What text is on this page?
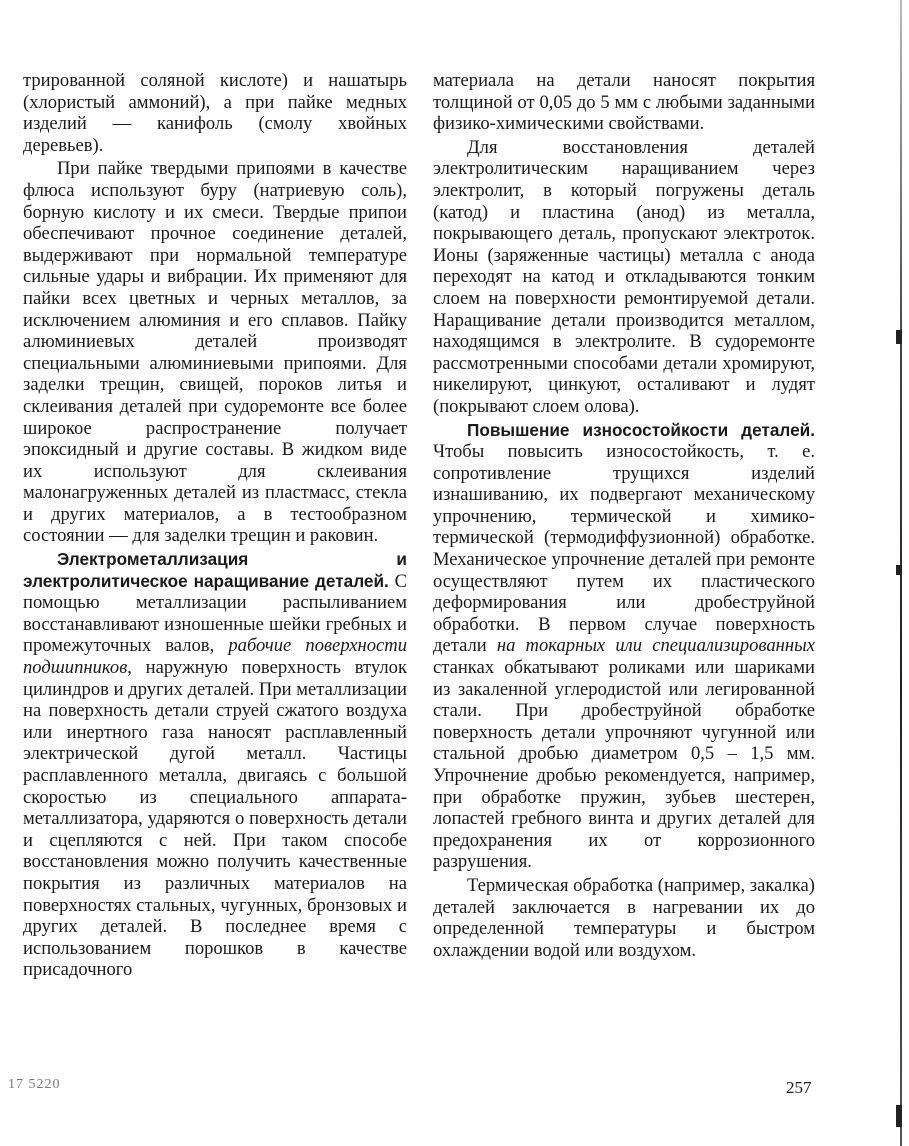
трированной соляной кислоте) и нашатырь (хлористый аммоний), а при пайке медных изделий — канифоль (смолу хвойных деревьев).

При пайке твердыми припоями в качестве флюса используют буру (натриевую соль), борную кислоту и их смеси. Твердые припои обеспечивают прочное соединение деталей, выдерживают при нормальной температуре сильные удары и вибрации. Их применяют для пайки всех цветных и черных металлов, за исключением алюминия и его сплавов. Пайку алюминиевых деталей производят специальными алюминиевыми припоями. Для заделки трещин, свищей, пороков литья и склеивания деталей при судоремонте все более широкое распространение получает эпоксидный и другие составы. В жидком виде их используют для склеивания малонагруженных деталей из пластмасс, стекла и других материалов, а в тестообразном состоянии — для заделки трещин и раковин.

Электрометаллизация и электролитическое наращивание деталей. С помощью металлизации распыливанием восстанавливают изношенные шейки гребных и промежуточных валов, рабочие поверхности подшипников, наружную поверхность втулок цилиндров и других деталей. При металлизации на поверхность детали струей сжатого воздуха или инертного газа наносят расплавленный электрической дугой металл. Частицы расплавленного металла, двигаясь с большой скоростью из специального аппарата-металлизатора, ударяются о поверхность детали и сцепляются с ней. При таком способе восстановления можно получить качественные покрытия из различных материалов на поверхностях стальных, чугунных, бронзовых и других деталей. В последнее время с использованием порошков в качестве присадочного

материала на детали наносят покрытия толщиной от 0,05 до 5 мм с любыми заданными физико-химическими свойствами.

Для восстановления деталей электролитическим наращиванием через электролит, в который погружены деталь (катод) и пластина (анод) из металла, покрывающего деталь, пропускают электроток. Ионы (заряженные частицы) металла с анода переходят на катод и откладываются тонким слоем на поверхности ремонтируемой детали. Наращивание детали производится металлом, находящимся в электролите. В судоремонте рассмотренными способами детали хромируют, никелируют, цинкуют, осталивают и лудят (покрывают слоем олова).

Повышение износостойкости деталей. Чтобы повысить износостойкость, т. е. сопротивление трущихся изделий изнашиванию, их подвергают механическому упрочнению, термической и химико-термической (термодиффузионной) обработке. Механическое упрочнение деталей при ремонте осуществляют путем их пластического деформирования или дробеструйной обработки. В первом случае поверхность детали на токарных или специализированных станках обкатывают роликами или шариками из закаленной углеродистой или легированной стали. При дробеструйной обработке поверхность детали упрочняют чугунной или стальной дробью диаметром 0,5 – 1,5 мм. Упрочнение дробью рекомендуется, например, при обработке пружин, зубьев шестерен, лопастей гребного винта и других деталей для предохранения их от коррозионного разрушения.

Термическая обработка (например, закалка) деталей заключается в нагревании их до определенной температуры и быстром охлаждении водой или воздухом.

17 5220	257
